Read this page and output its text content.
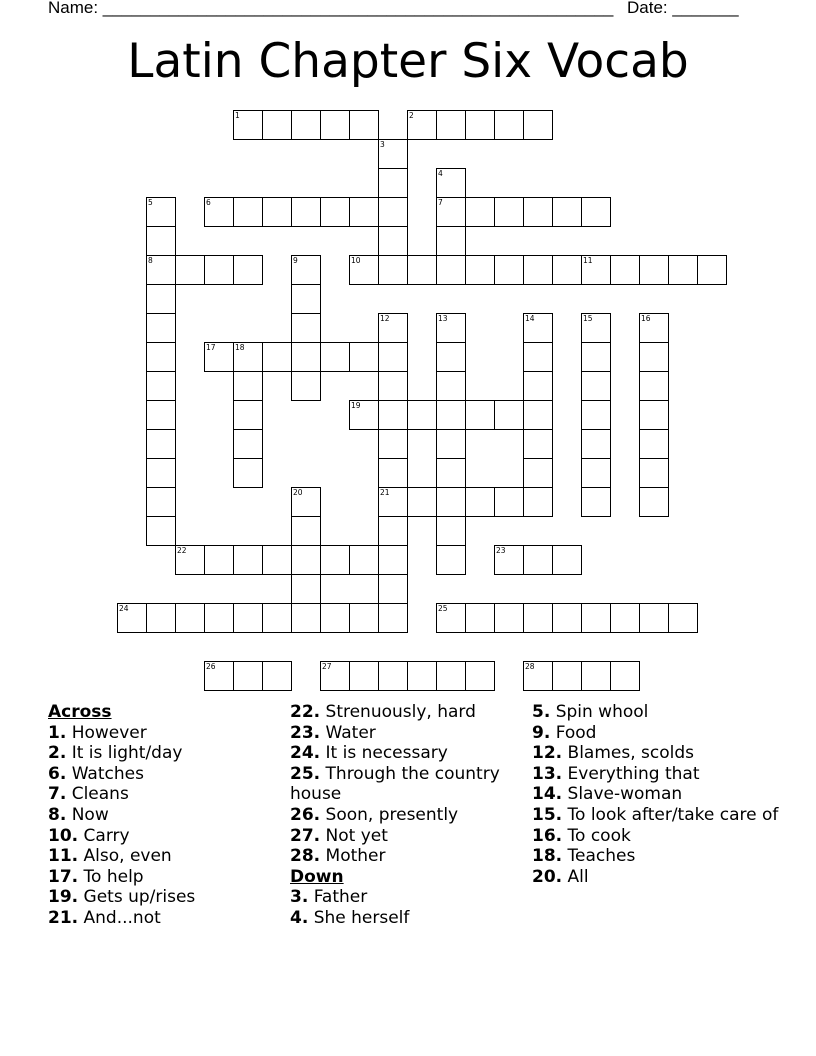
Name: ______________________________________________________ Date: _______
Latin Chapter Six Vocab
1	2
3
4
5	6	7
8	9	10	11
12	13	14	15	16
17	18
19
20	21
22	23
24	25
26	27	28
Across
1. However
2. It is light/day
6. Watches
7. Cleans
8. Now
10. Carry
11. Also, even
17. To help
19. Gets up/rises
21. And...not
22. Strenuously, hard
23. Water
24. It is necessary
25. Through the country house
26. Soon, presently
27. Not yet
28. Mother
Down
3. Father
4. She herself
5. Spin whool
9. Food
12. Blames, scolds
13. Everything that
14. Slave-woman
15. To look after/take care of
16. To cook
18. Teaches
20. All
